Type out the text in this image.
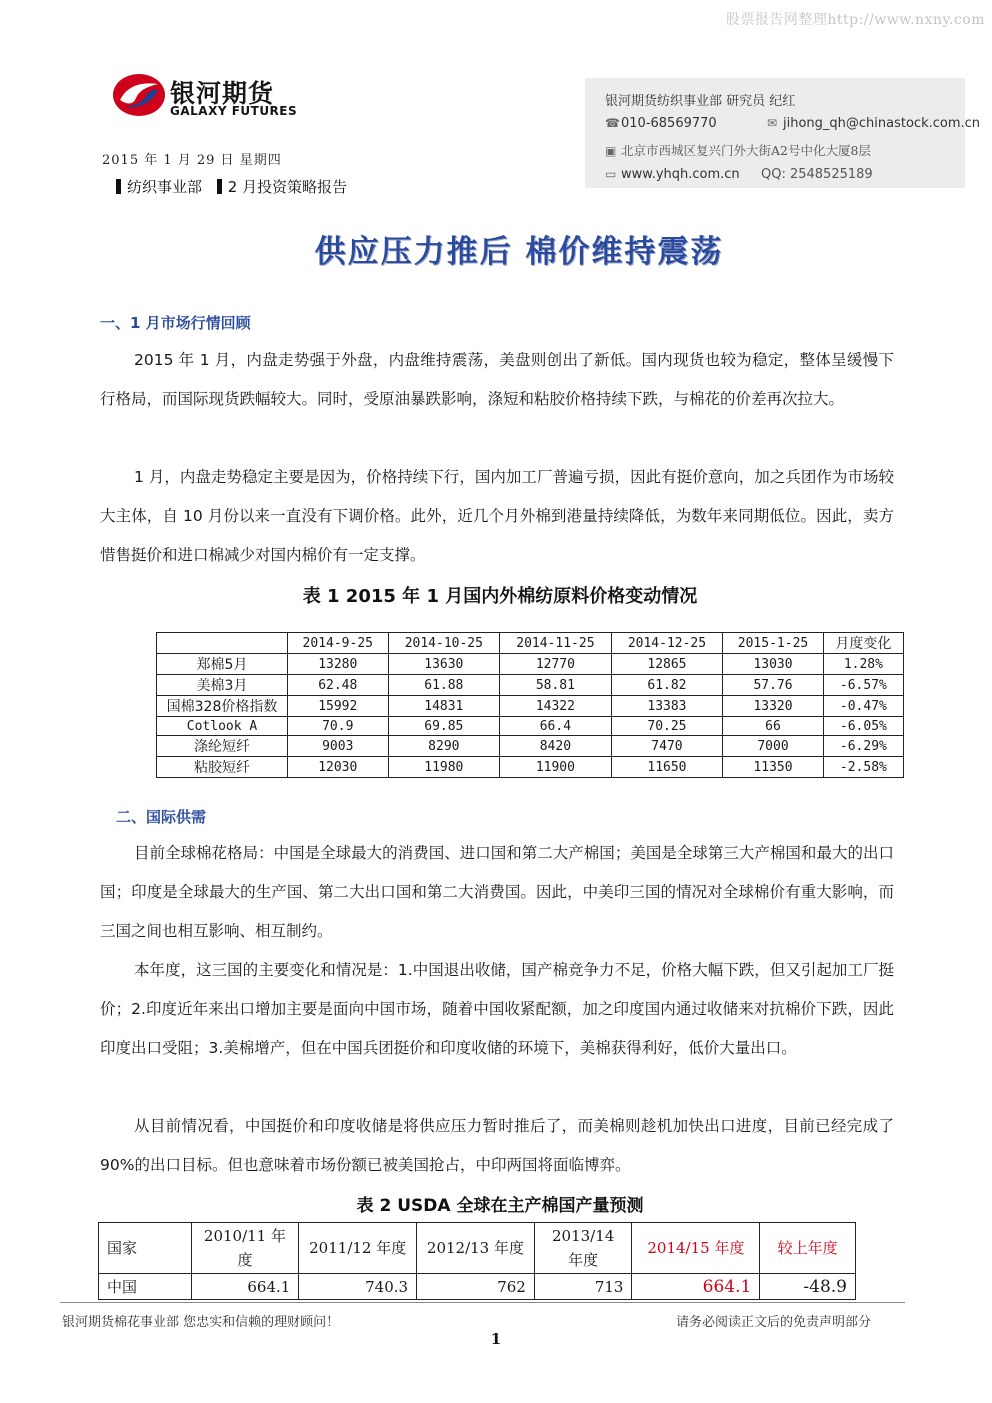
股票报告网整理http://www.nxny.com
银河期货
GALAXY FUTURES
银河期货纺织事业部 研究员 纪红
☎010-68569770	✉ jihong_qh@chinastock.com.cn
▣ 北京市西城区复兴门外大街A2号中化大厦8层
▭ www.yhqh.com.cn QQ: 2548525189
2015 年 1 月 29 日 星期四
纺织事业部 2 月投资策略报告
供应压力推后 棉价维持震荡
一、1 月市场行情回顾
2015 年 1 月，内盘走势强于外盘，内盘维持震荡，美盘则创出了新低。国内现货也较为稳定，整体呈缓慢下行格局，而国际现货跌幅较大。同时，受原油暴跌影响，涤短和粘胶价格持续下跌，与棉花的价差再次拉大。
1 月，内盘走势稳定主要是因为，价格持续下行，国内加工厂普遍亏损，因此有挺价意向，加之兵团作为市场较大主体，自 10 月份以来一直没有下调价格。此外，近几个月外棉到港量持续降低，为数年来同期低位。因此，卖方惜售挺价和进口棉减少对国内棉价有一定支撑。
表 1 2015 年 1 月国内外棉纺原料价格变动情况
	2014-9-25	2014-10-25	2014-11-25	2014-12-25	2015-1-25	月度变化
郑棉5月	13280	13630	12770	12865	13030	1.28%
美棉3月	62.48	61.88	58.81	61.82	57.76	-6.57%
国棉328价格指数	15992	14831	14322	13383	13320	-0.47%
Cotlook A	70.9	69.85	66.4	70.25	66	-6.05%
涤纶短纤	9003	8290	8420	7470	7000	-6.29%
粘胶短纤	12030	11980	11900	11650	11350	-2.58%
二、国际供需
目前全球棉花格局：中国是全球最大的消费国、进口国和第二大产棉国；美国是全球第三大产棉国和最大的出口国；印度是全球最大的生产国、第二大出口国和第二大消费国。因此，中美印三国的情况对全球棉价有重大影响，而三国之间也相互影响、相互制约。
本年度，这三国的主要变化和情况是：1.中国退出收储，国产棉竞争力不足，价格大幅下跌，但又引起加工厂挺价；2.印度近年来出口增加主要是面向中国市场，随着中国收紧配额，加之印度国内通过收储来对抗棉价下跌，因此印度出口受阻；3.美棉增产，但在中国兵团挺价和印度收储的环境下，美棉获得利好，低价大量出口。
从目前情况看，中国挺价和印度收储是将供应压力暂时推后了，而美棉则趁机加快出口进度，目前已经完成了 90%的出口目标。但也意味着市场份额已被美国抢占，中印两国将面临博弈。
表 2 USDA 全球在主产棉国产量预测
国家	2010/11 年度	2011/12 年度	2012/13 年度	2013/14 年度	2014/15 年度	较上年度
中国	664.1	740.3	762	713	664.1	-48.9
银河期货棉花事业部 您忠实和信赖的理财顾问！	请务必阅读正文后的免责声明部分
1
